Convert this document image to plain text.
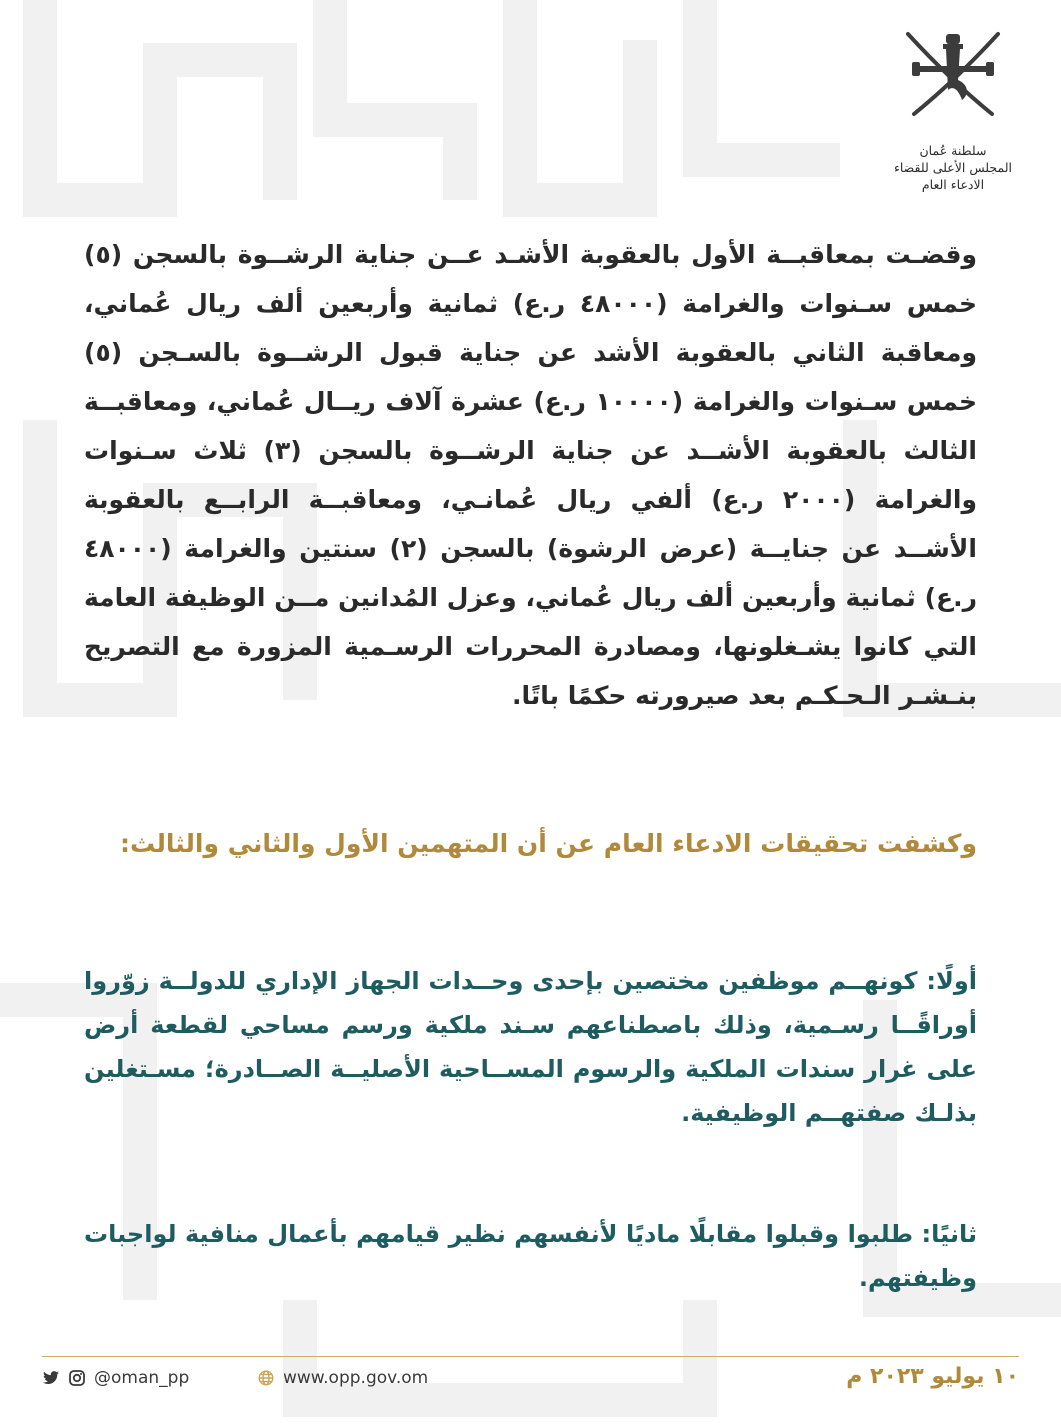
سلطنة عُمان
المجلس الأعلى للقضاء
الادعاء العام

وقضـت بمعاقبــة الأول بالعقوبة الأشـد عــن جناية الرشــوة بالسجن (٥) خمس سـنوات والغرامة (٤٨٠٠٠ ر.ع) ثمانية وأربعين ألف ريال عُماني، ومعاقبة الثاني بالعقوبة الأشد عن جناية قبول الرشــوة بالسـجن (٥) خمس سـنوات والغرامة (١٠٠٠٠ ر.ع) عشرة آلاف ريــال عُماني، ومعاقبــة الثالث بالعقوبة الأشــد عن جناية الرشــوة بالسجن (٣) ثلاث سـنوات والغرامة (٢٠٠٠ ر.ع) ألفي ريال عُمانـي، ومعاقبــة الرابــع بالعقوبة الأشــد عن جنايــة (عرض الرشوة) بالسجن (٢) سنتين والغرامة (٤٨٠٠٠ ر.ع) ثمانية وأربعين ألف ريال عُماني، وعزل المُدانين مــن الوظيفة العامة التي كانوا يشـغلونها، ومصادرة المحررات الرسـمية المزورة مع التصريح بنـشـر الـحـكـم بعد صيرورته حكمًا باتًا.

وكشفت تحقيقات الادعاء العام عن أن المتهمين الأول والثاني والثالث:

أولًا: كونهــم موظفين مختصين بإحدى وحــدات الجهاز الإداري للدولــة زوّروا أوراقًــا رسـمية، وذلك باصطناعهم سـند ملكية ورسم مساحي لقطعة أرض على غرار سندات الملكية والرسوم المســاحية الأصليــة الصــادرة؛ مسـتغلين بذلـك صفتهــم الوظيفية.

ثانيًا: طلبوا وقبلوا مقابلًا ماديًا لأنفسهم نظير قيامهم بأعمال منافية لواجبات وظيفتهم.

@oman_pp	www.opp.gov.om	١٠ يوليو ٢٠٢٣ م
